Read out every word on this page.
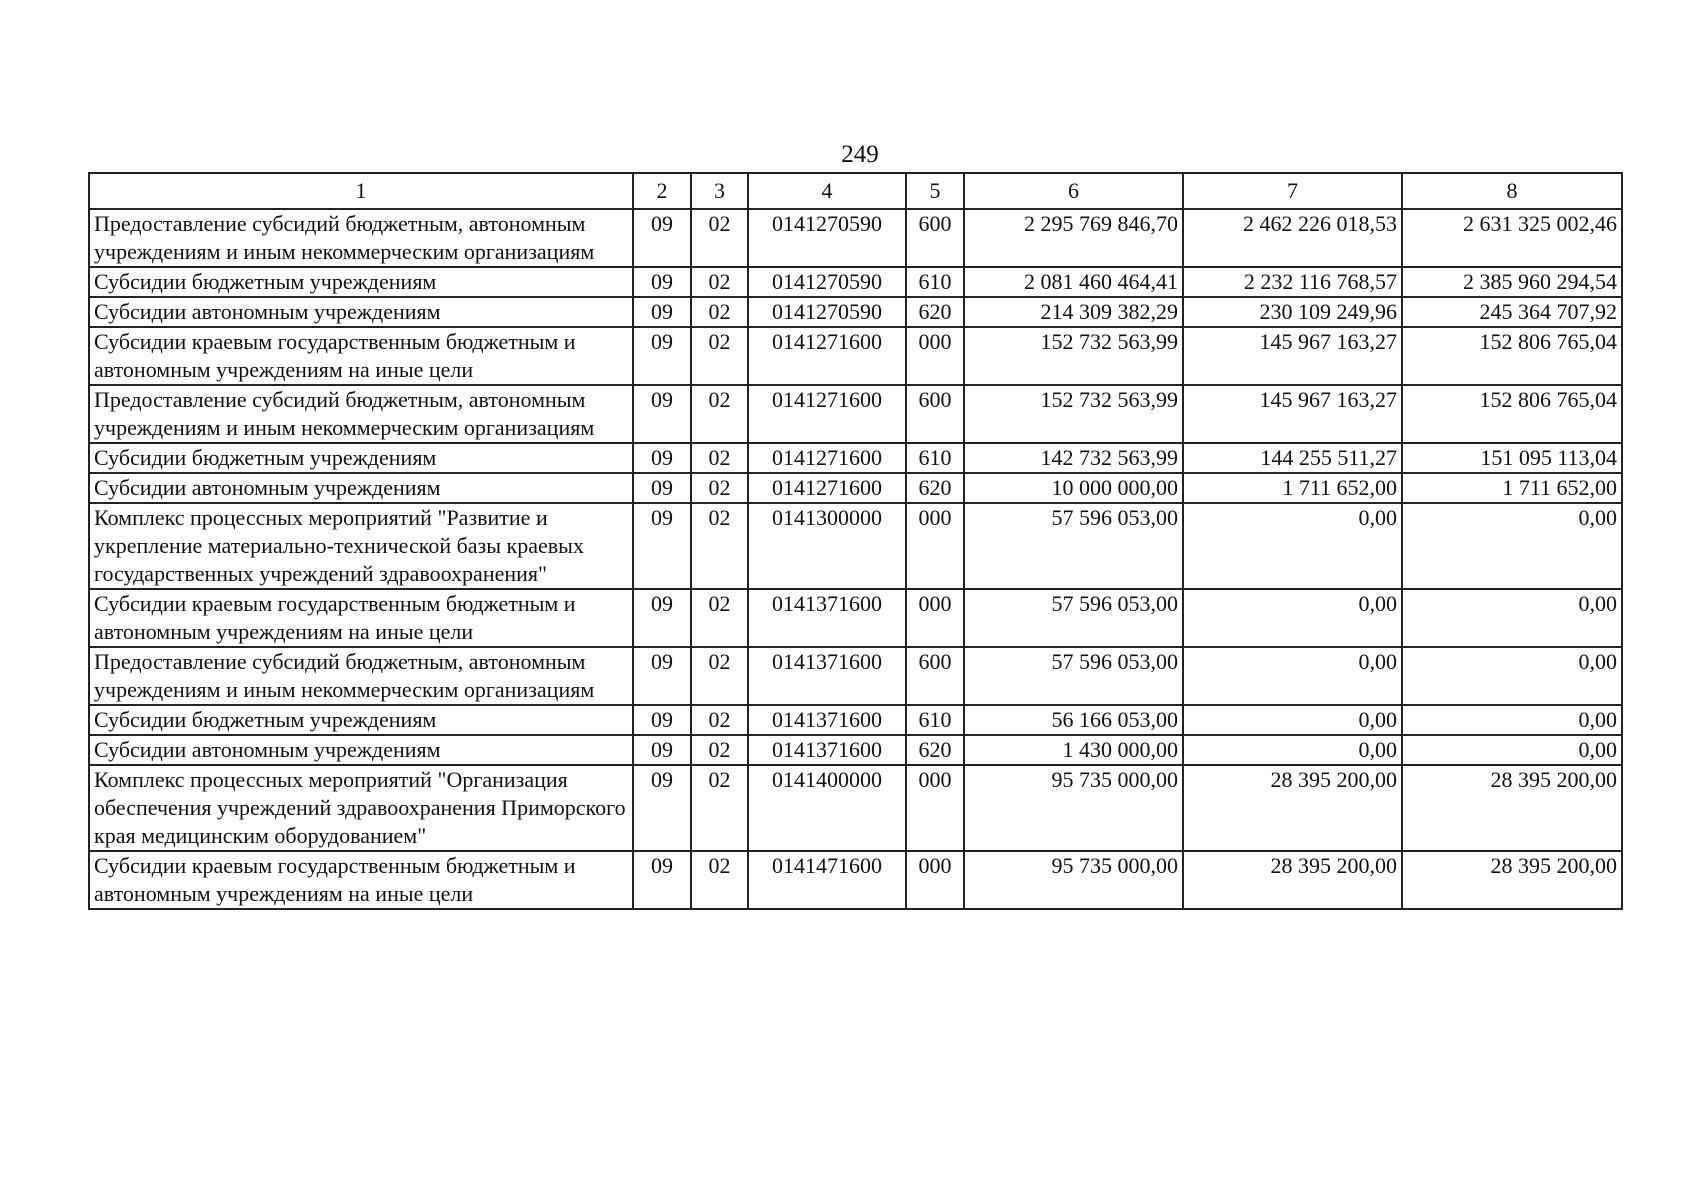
249
1	2	3	4	5	6	7	8
Предоставление субсидий бюджетным, автономным учреждениям и иным некоммерческим организациям	09	02	0141270590	600	2 295 769 846,70	2 462 226 018,53	2 631 325 002,46
Субсидии бюджетным учреждениям	09	02	0141270590	610	2 081 460 464,41	2 232 116 768,57	2 385 960 294,54
Субсидии автономным учреждениям	09	02	0141270590	620	214 309 382,29	230 109 249,96	245 364 707,92
Субсидии краевым государственным бюджетным и автономным учреждениям на иные цели	09	02	0141271600	000	152 732 563,99	145 967 163,27	152 806 765,04
Предоставление субсидий бюджетным, автономным учреждениям и иным некоммерческим организациям	09	02	0141271600	600	152 732 563,99	145 967 163,27	152 806 765,04
Субсидии бюджетным учреждениям	09	02	0141271600	610	142 732 563,99	144 255 511,27	151 095 113,04
Субсидии автономным учреждениям	09	02	0141271600	620	10 000 000,00	1 711 652,00	1 711 652,00
Комплекс процессных мероприятий "Развитие и укрепление материально-технической базы краевых государственных учреждений здравоохранения"	09	02	0141300000	000	57 596 053,00	0,00	0,00
Субсидии краевым государственным бюджетным и автономным учреждениям на иные цели	09	02	0141371600	000	57 596 053,00	0,00	0,00
Предоставление субсидий бюджетным, автономным учреждениям и иным некоммерческим организациям	09	02	0141371600	600	57 596 053,00	0,00	0,00
Субсидии бюджетным учреждениям	09	02	0141371600	610	56 166 053,00	0,00	0,00
Субсидии автономным учреждениям	09	02	0141371600	620	1 430 000,00	0,00	0,00
Комплекс процессных мероприятий "Организация обеспечения учреждений здравоохранения Приморского края медицинским оборудованием"	09	02	0141400000	000	95 735 000,00	28 395 200,00	28 395 200,00
Субсидии краевым государственным бюджетным и автономным учреждениям на иные цели	09	02	0141471600	000	95 735 000,00	28 395 200,00	28 395 200,00
